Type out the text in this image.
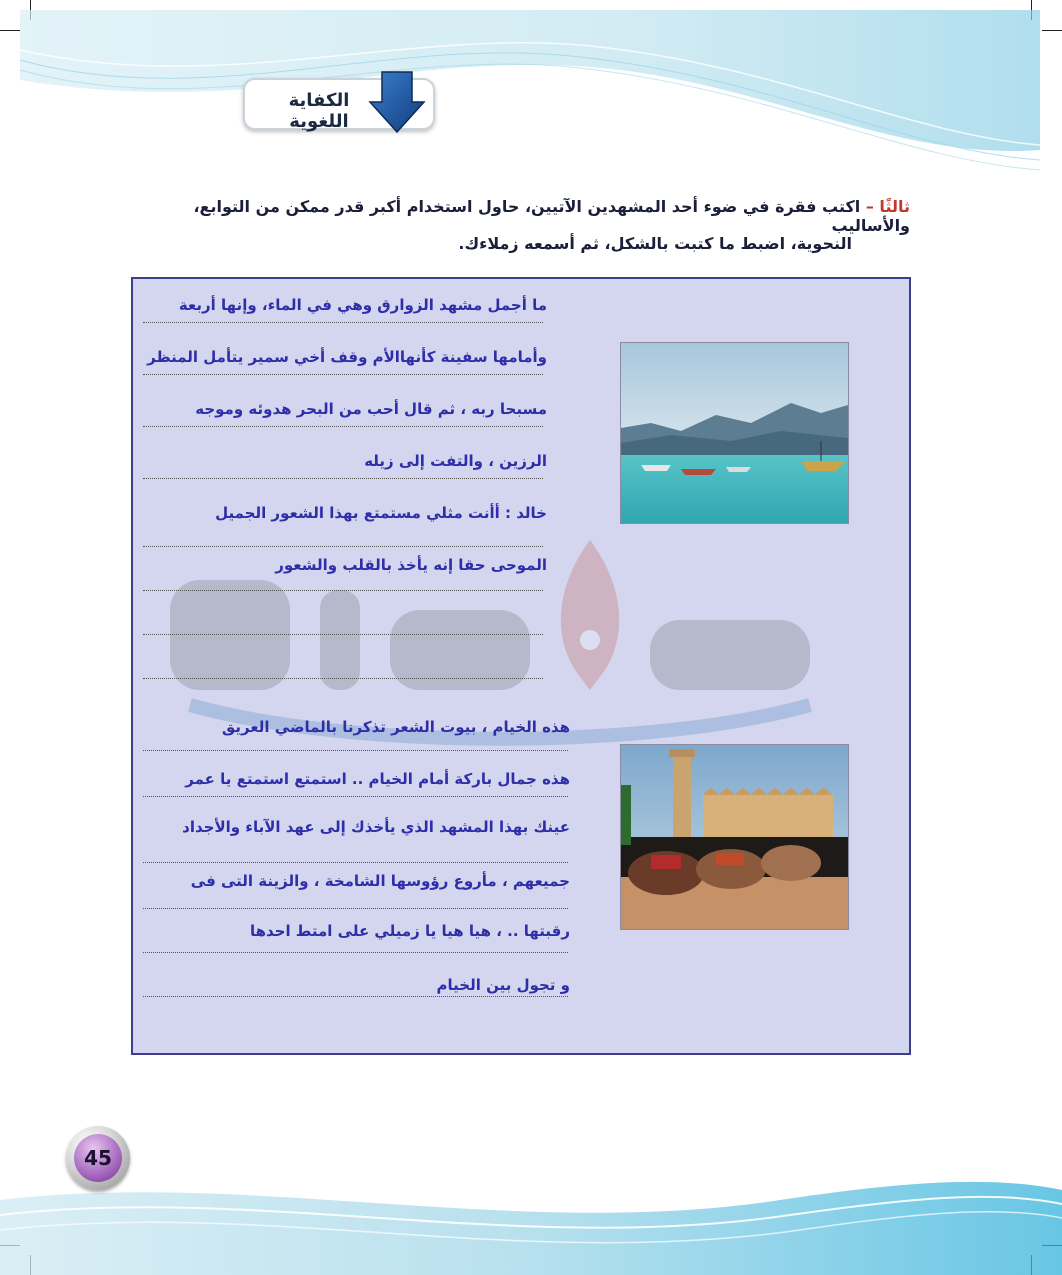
الكفاية اللغوية
ثالثًا – اكتب فقرة في ضوء أحد المشهدين الآتيين، حاول استخدام أكبر قدر ممكن من التوابع، والأساليب
النحوية، اضبط ما كتبت بالشكل، ثم أسمعه زملاءك.
ما أجمل مشهد الزوارق وهي في الماء، وإنها أربعة
وأمامها سفينة كأنهاالأم وقف أخي سمير يتأمل المنظر
مسبحا ربه ، ثم قال أحب من البحر هدوئه وموجه
الرزين ، والتفت إلى زيله
خالد : أأنت مثلي مستمتع بهذا الشعور الجميل
الموحى حقا إنه يأخذ بالقلب والشعور
هذه الخيام ، بيوت الشعر تذكرنا بالماضي العريق
هذه جمال باركة أمام الخيام .. استمتع استمتع يا عمر
عينك بهذا المشهد الذي يأخذك إلى عهد الآباء والأجداد
جميعهم ، مأروع رؤوسها الشامخة ، والزينة التى فى
رقبتها .. ، هيا هيا يا زميلي على امتط احدها
و تجول بين الخيام
45
